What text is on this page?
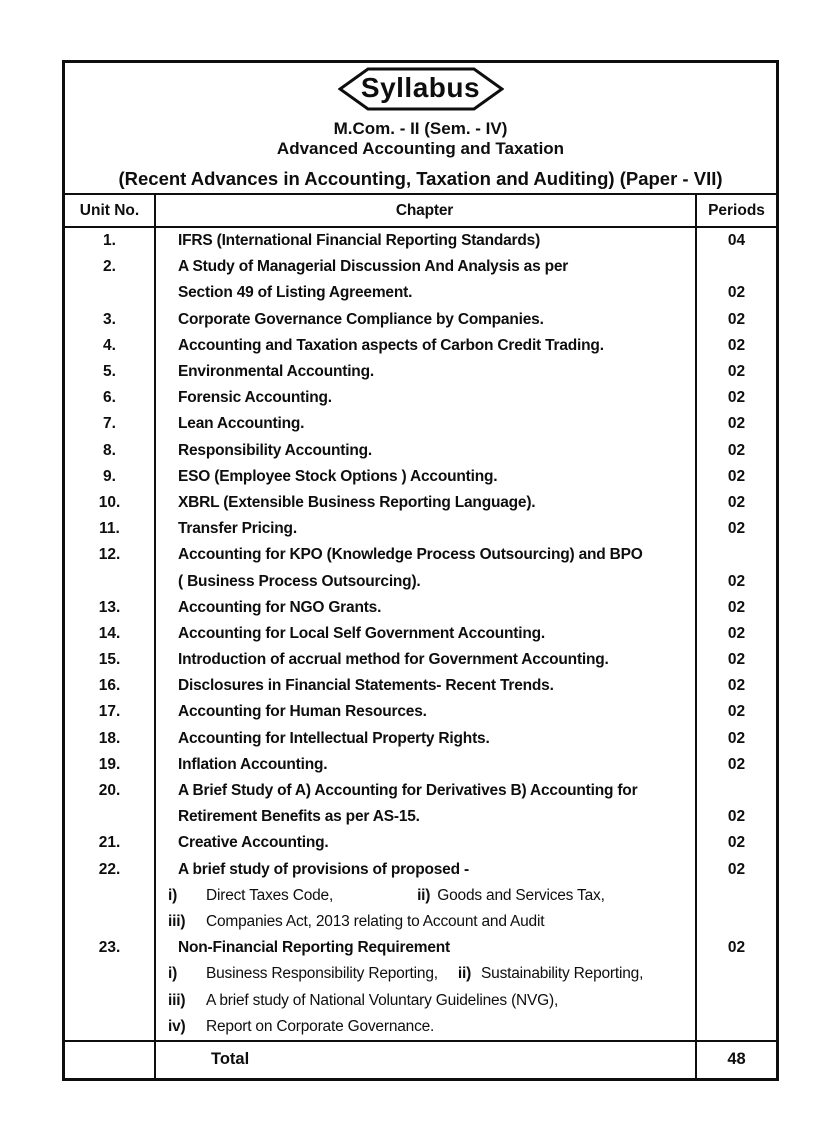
Syllabus
M.Com. - II (Sem. - IV)
Advanced Accounting and Taxation
(Recent Advances in Accounting, Taxation and Auditing) (Paper - VII)
Unit No.	Chapter	Periods
1.	IFRS (International Financial Reporting Standards)	04
2.	A Study of Managerial Discussion And Analysis as per
Section 49 of Listing Agreement.	02
3.	Corporate Governance Compliance by Companies.	02
4.	Accounting and Taxation aspects of Carbon Credit Trading.	02
5.	Environmental Accounting.	02
6.	Forensic Accounting.	02
7.	Lean Accounting.	02
8.	Responsibility Accounting.	02
9.	ESO (Employee Stock Options ) Accounting.	02
10.	XBRL (Extensible Business Reporting Language).	02
11.	Transfer Pricing.	02
12.	Accounting for KPO (Knowledge Process Outsourcing) and BPO
( Business Process Outsourcing).	02
13.	Accounting for NGO Grants.	02
14.	Accounting for Local Self Government Accounting.	02
15.	Introduction of accrual method for Government Accounting.	02
16.	Disclosures in Financial Statements- Recent Trends.	02
17.	Accounting for Human Resources.	02
18.	Accounting for Intellectual Property Rights.	02
19.	Inflation Accounting.	02
20.	A Brief Study of A) Accounting for Derivatives B) Accounting for
Retirement Benefits as per AS-15.	02
21.	Creative Accounting.	02
22.	A brief study of provisions of proposed -	02
i)	Direct Taxes Code,	ii) Goods and Services Tax,
iii)	Companies Act, 2013 relating to Account and Audit
23.	Non-Financial Reporting Requirement	02
i)	Business Responsibility Reporting, ii) Sustainability Reporting,
iii)	A brief study of National Voluntary Guidelines (NVG),
iv)	Report on Corporate Governance.
Total	48
